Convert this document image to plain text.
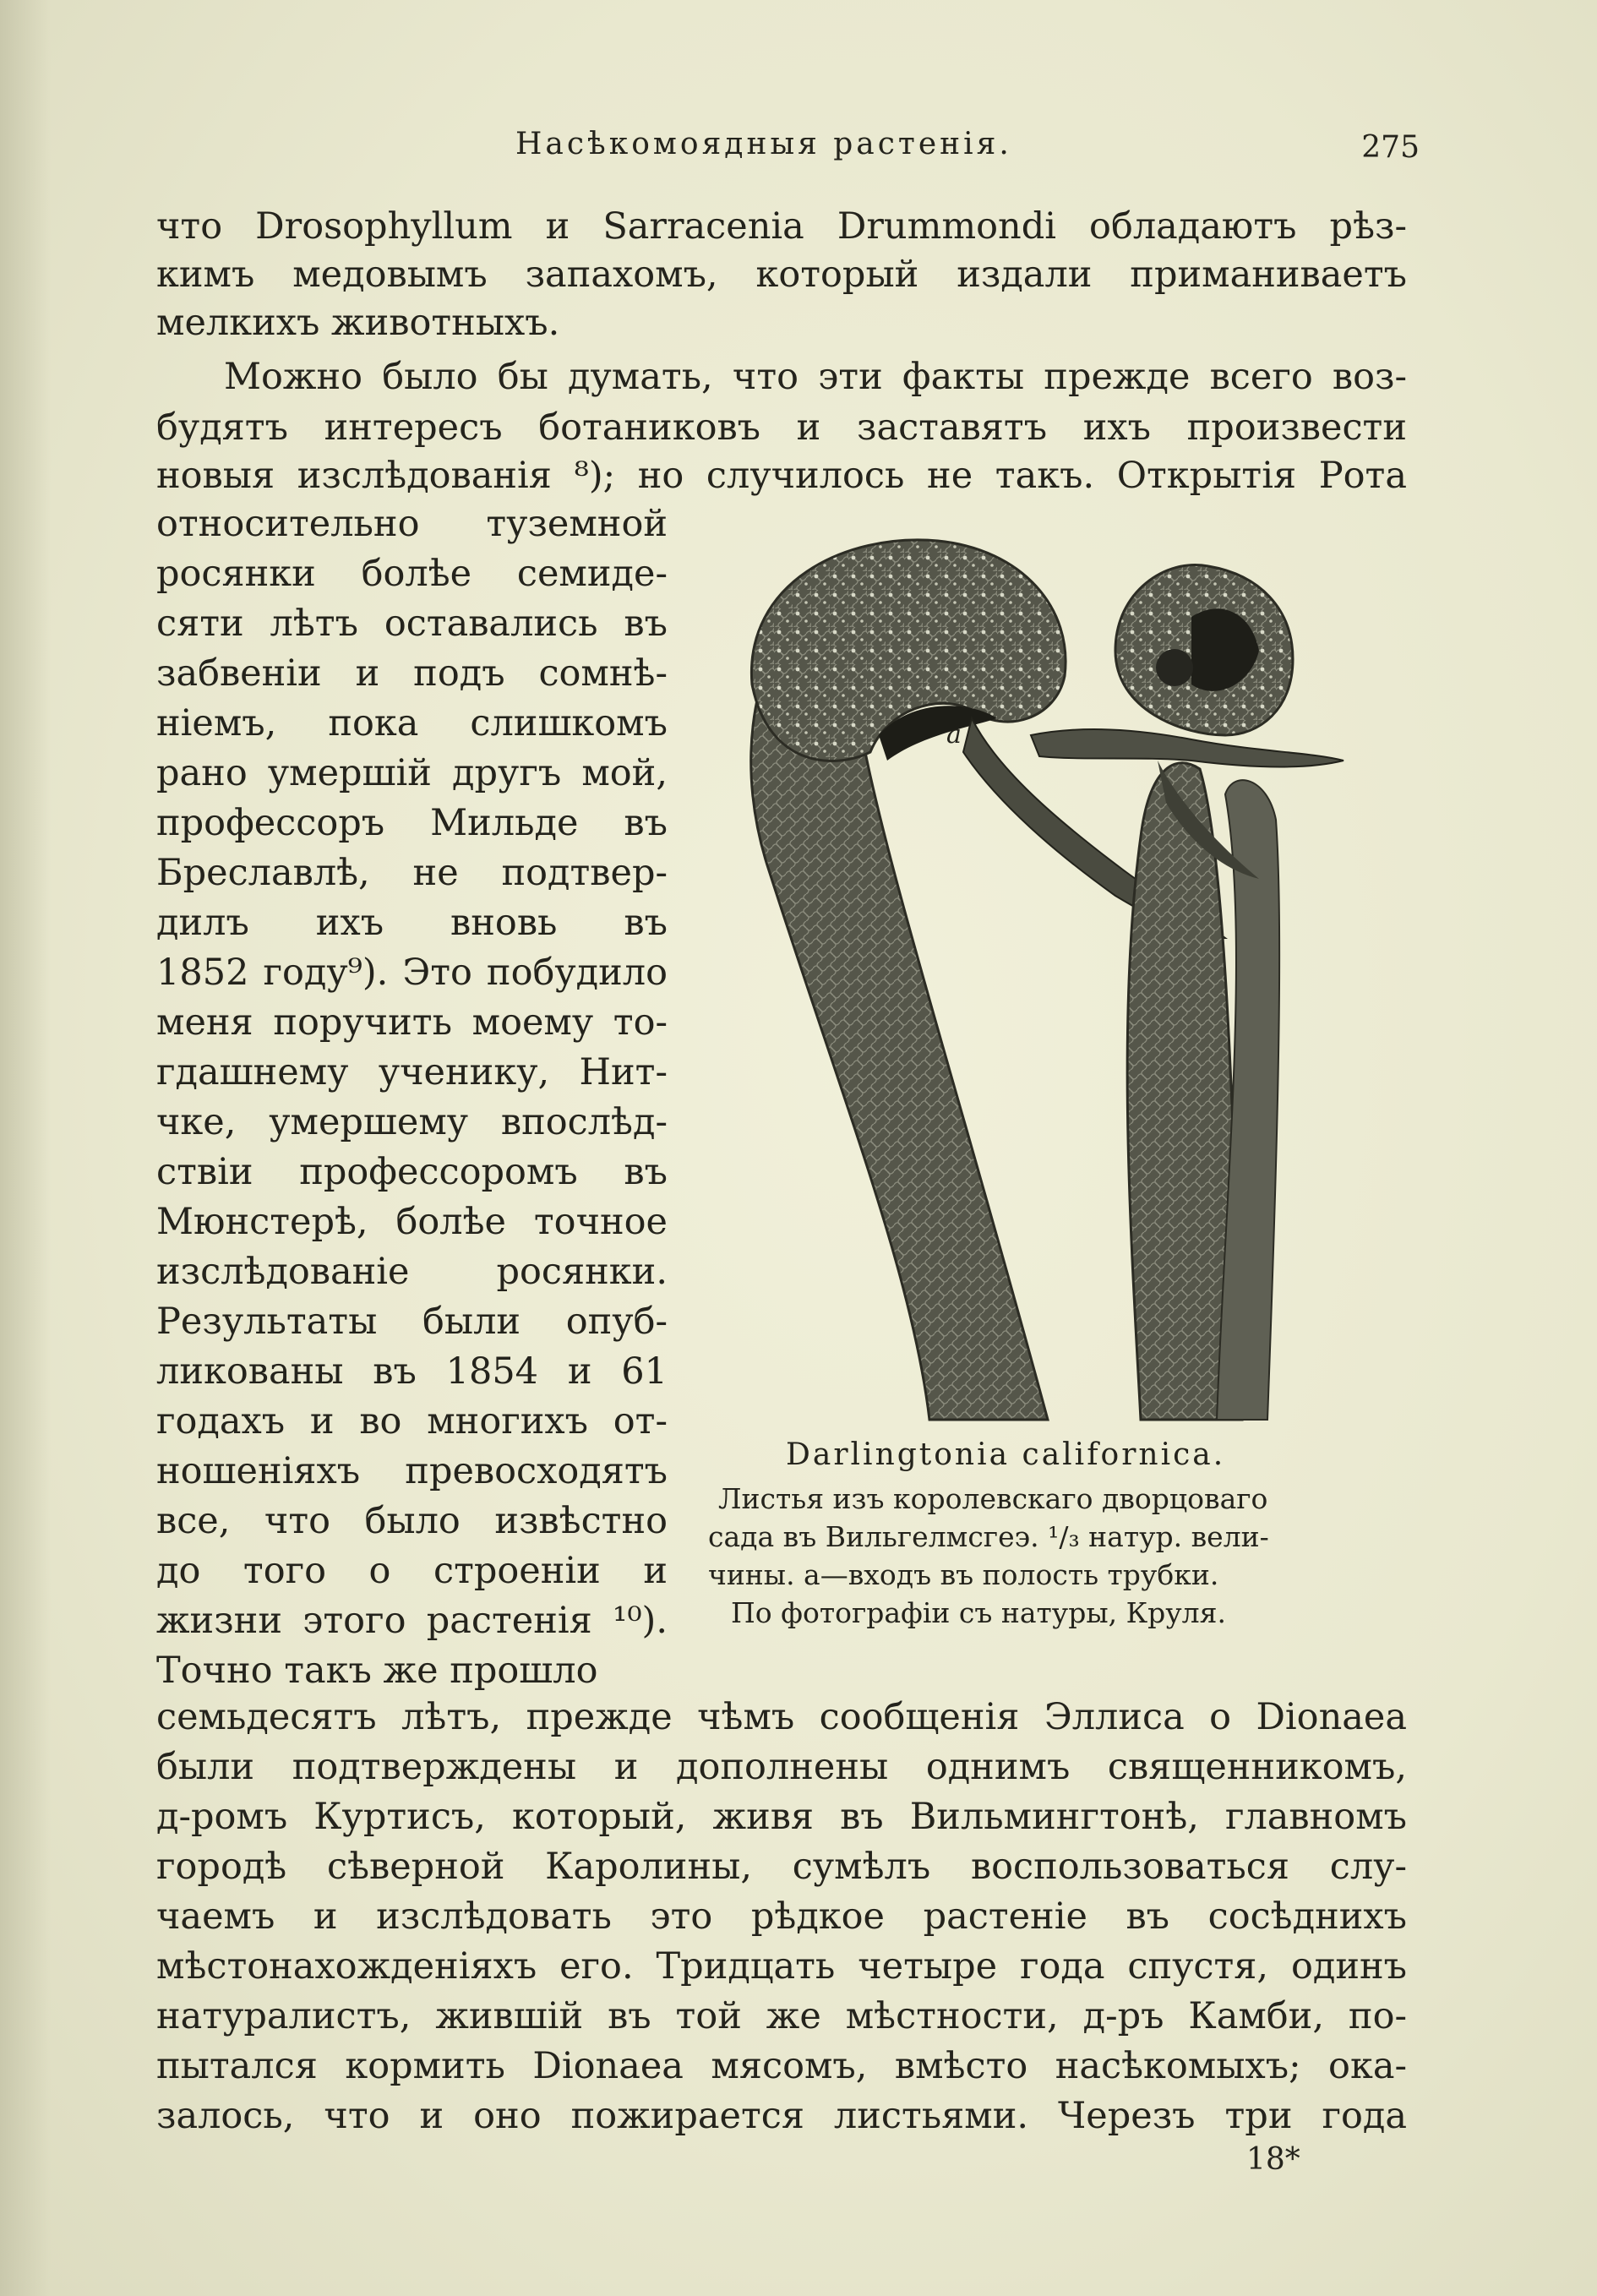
Насѣкомоядныя растенія.	275
что Drosophyllum и Sarracenia Drummondi обладаютъ рѣз-
кимъ медовымъ запахомъ, который издали приманиваетъ
мелкихъ животныхъ.
Можно было бы думать, что эти факты прежде всего воз-
будятъ интересъ ботаниковъ и заставятъ ихъ произвести
новыя изслѣдованія ⁸); но случилось не такъ. Открытія Рота
относительно туземной
росянки болѣе семиде-
сяти лѣтъ оставались въ
забвеніи и подъ сомнѣ-
ніемъ, пока слишкомъ
рано умершій другъ мой,
профессоръ Мильде въ
Бреславлѣ, не подтвер-
дилъ ихъ вновь въ
1852 году⁹). Это побудило
меня поручить моему то-
гдашнему ученику, Нит-
чке, умершему впослѣд-
ствіи профессоромъ въ
Мюнстерѣ, болѣе точное
изслѣдованіе росянки.
Результаты были опуб-
ликованы въ 1854 и 61
годахъ и во многихъ от-
ношеніяхъ превосходятъ
все, что было извѣстно
до того о строеніи и
жизни этого растенія ¹⁰).
Точно такъ же прошло
a
Darlingtonia californica.
Листья изъ королевскаго дворцоваго
сада въ Вильгелмсгеэ. ¹/₃ натур. вели-
чины. a—входъ въ полость трубки.
По фотографіи съ натуры, Круля.
семьдесятъ лѣтъ, прежде чѣмъ сообщенія Эллиса о Dionaea
были подтверждены и дополнены однимъ священникомъ,
д-ромъ Куртисъ, который, живя въ Вильмингтонѣ, главномъ
городѣ сѣверной Каролины, сумѣлъ воспользоваться слу-
чаемъ и изслѣдовать это рѣдкое растеніе въ сосѣднихъ
мѣстонахожденіяхъ его. Тридцать четыре года спустя, одинъ
натуралистъ, жившій въ той же мѣстности, д-ръ Камби, по-
пытался кормить Dionaea мясомъ, вмѣсто насѣкомыхъ; ока-
залось, что и оно пожирается листьями. Черезъ три года
18*
